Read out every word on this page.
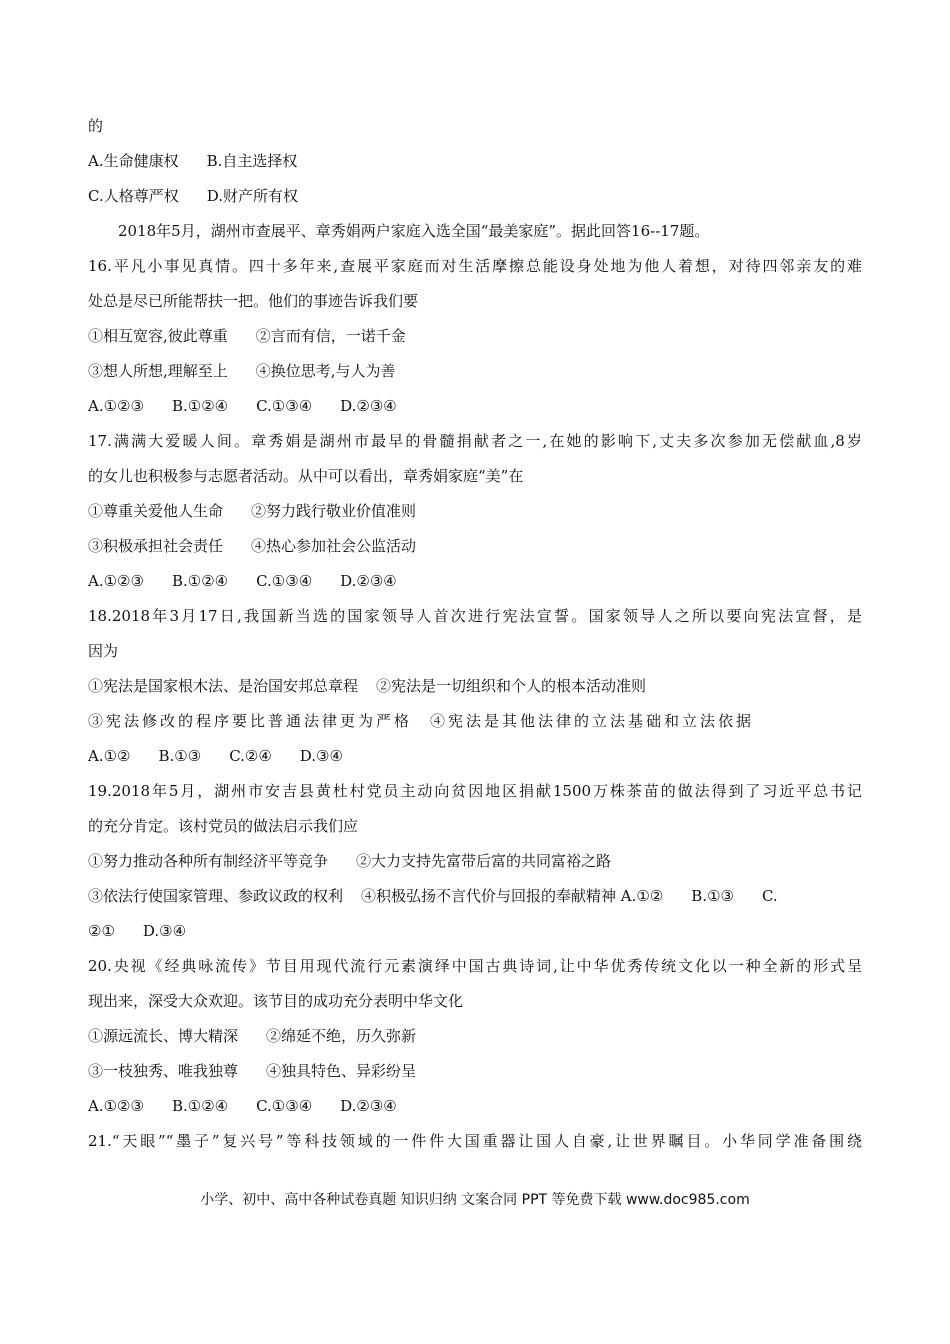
的
A.生命健康权 B.自主选择权
C.人格尊严权 D.财产所有权
2018年5月，湖州市查展平、章秀娟两户家庭入选全国“最美家庭”。据此回答16--17题。
16.平凡小事见真情。四十多年来,查展平家庭而对生活摩擦总能设身处地为他人着想，对待四邻亲友的难
处总是尽已所能帮扶一把。他们的事迹告诉我们要
①相互宽容,彼此尊重 ②言而有信，一诺千金
③想人所想,理解至上 ④换位思考,与人为善
A.①②③ B.①②④ C.①③④ D.②③④
17.满满大爱暖人间。章秀娟是湖州市最早的骨髓捐献者之一,在她的影响下,丈夫多次参加无偿献血,8岁
的女儿也积极参与志愿者活动。从中可以看出，章秀娟家庭“美”在
①尊重关爱他人生命 ②努力践行敬业价值准则
③积极承担社会责任 ④热心参加社会公监活动
A.①②③ B.①②④ C.①③④ D.②③④
18.2018年3月17日,我国新当选的国家领导人首次进行宪法宣誓。国家领导人之所以要向宪法宣督，是
因为
①宪法是国家根木法、是治国安邦总章程 ②宪法是一切组织和个人的根本活动准则
③宪法修改的程序要比普通法律更为严格 ④宪法是其他法律的立法基础和立法依据
A.①② B.①③ C.②④ D.③④
19.2018年5月，湖州市安吉县黄杜村党员主动向贫因地区捐献1500万株茶苗的做法得到了习近平总书记
的充分肯定。该村党员的做法启示我们应
①努力推动各种所有制经济平等竞争 ②大力支持先富带后富的共同富裕之路
③依法行使国家管理、参政议政的权利 ④积极弘扬不言代价与回报的奉献精神 A.①② B.①③ C.
②① D.③④
20.央视《经典咏流传》节目用现代流行元素演绎中国古典诗词,让中华优秀传统文化以一种全新的形式呈
现出来，深受大众欢迎。该节目的成功充分表明中华文化
①源远流长、博大精深 ②绵延不绝，历久弥新
③一枝独秀、唯我独尊 ④独具特色、异彩纷呈
A.①②③ B.①②④ C.①③④ D.②③④
21.“天眼”“墨子”复兴号”等科技领域的一件件大国重器让国人自豪,让世界瞩目。小华同学准备围绕
小学、初中、高中各种试卷真题 知识归纳 文案合同 PPT 等免费下载 www.doc985.com
